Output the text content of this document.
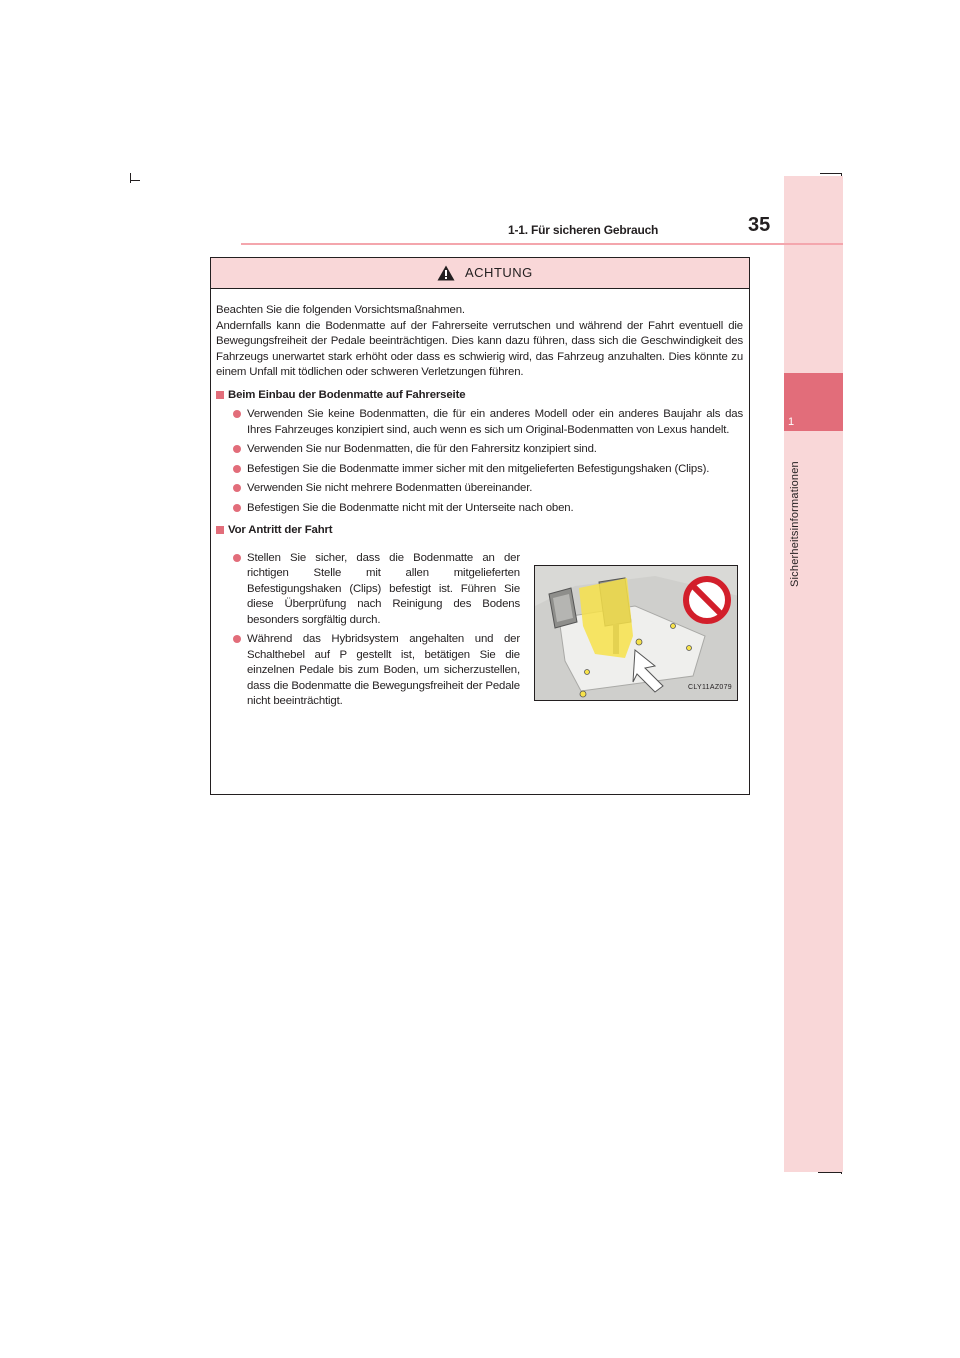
1
Sicherheitsinformationen
1-1. Für sicheren Gebrauch	35
ACHTUNG

Beachten Sie die folgenden Vorsichtsmaßnahmen.

Andernfalls kann die Bodenmatte auf der Fahrerseite verrutschen und während der Fahrt eventuell die Bewegungsfreiheit der Pedale beeinträchtigen. Dies kann dazu führen, dass sich die Geschwindigkeit des Fahrzeugs unerwartet stark erhöht oder dass es schwierig wird, das Fahrzeug anzuhalten. Dies könnte zu einem Unfall mit tödlichen oder schweren Verletzungen führen.

Beim Einbau der Bodenmatte auf Fahrerseite
Verwenden Sie keine Bodenmatten, die für ein anderes Modell oder ein anderes Baujahr als das Ihres Fahrzeuges konzipiert sind, auch wenn es sich um Original-Bodenmatten von Lexus handelt.
Verwenden Sie nur Bodenmatten, die für den Fahrersitz konzipiert sind.
Befestigen Sie die Bodenmatte immer sicher mit den mitgelieferten Befestigungshaken (Clips).
Verwenden Sie nicht mehrere Bodenmatten übereinander.
Befestigen Sie die Bodenmatte nicht mit der Unterseite nach oben.
Vor Antritt der Fahrt
Stellen Sie sicher, dass die Bodenmatte an der richtigen Stelle mit allen mitgelieferten Befestigungshaken (Clips) befestigt ist. Führen Sie diese Überprüfung nach Reinigung des Bodens besonders sorgfältig durch.
Während das Hybridsystem angehalten und der Schalthebel auf P gestellt ist, betätigen Sie die einzelnen Pedale bis zum Boden, um sicherzustellen, dass die Bodenmatte die Bewegungsfreiheit der Pedale nicht beeinträchtigt.
CLY11AZ079
